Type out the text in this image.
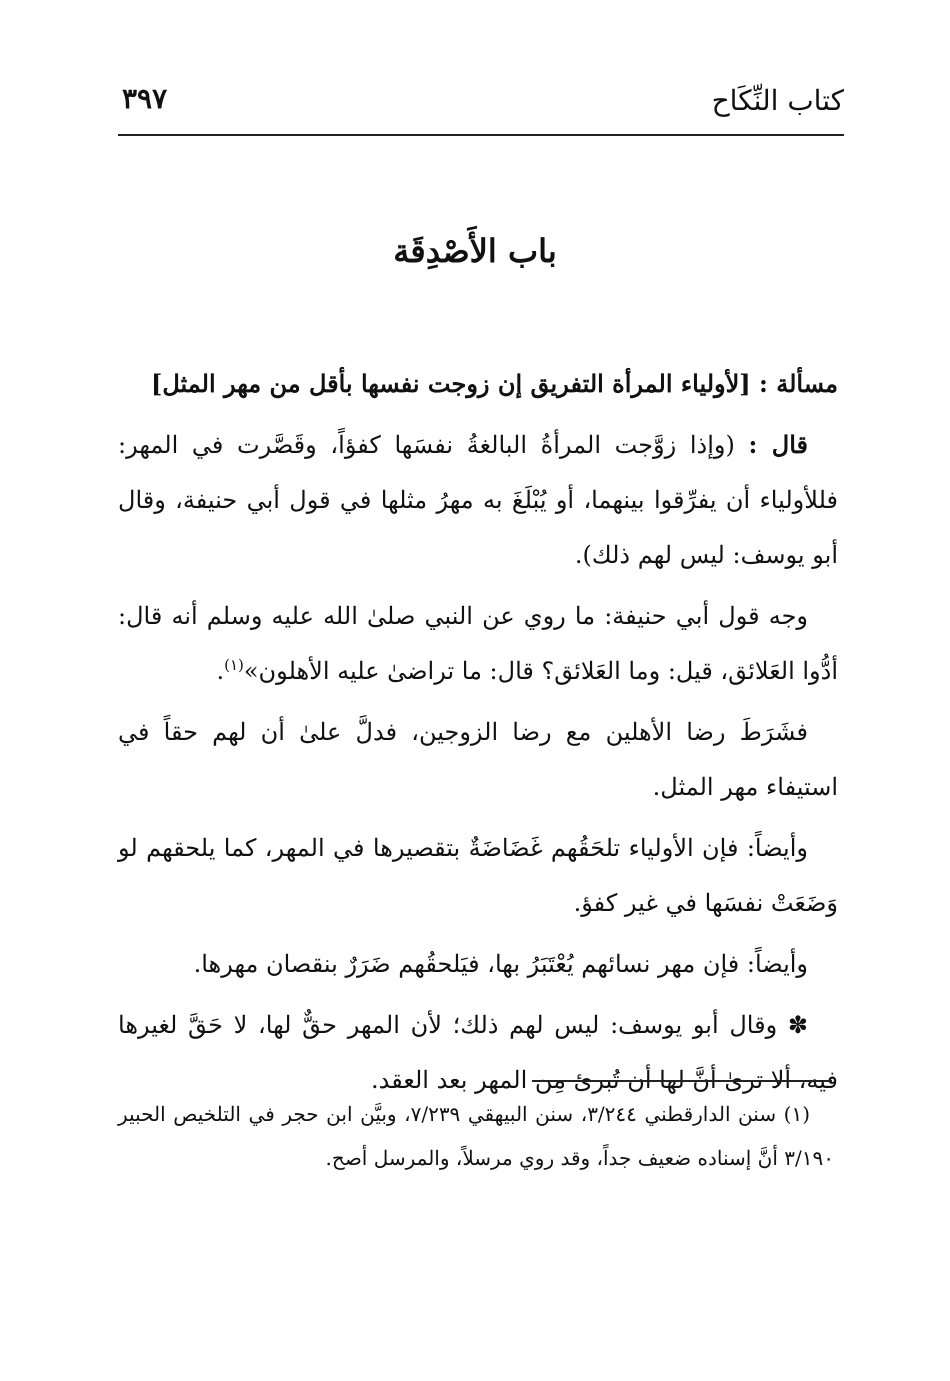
كتاب النِّكَاح
٣٩٧
باب الأَصْدِقَة

مسألة : [لأولياء المرأة التفريق إن زوجت نفسها بأقل من مهر المثل]

قال : (وإذا زوَّجت المرأةُ البالغةُ نفسَها كفؤاً، وقَصَّرت في المهر: فللأولياء أن يفرِّقوا بينهما، أو يُبْلَغَ به مهرُ مثلها في قول أبي حنيفة، وقال أبو يوسف: ليس لهم ذلك).

وجه قول أبي حنيفة: ما روي عن النبي صلىٰ الله عليه وسلم أنه قال: أدُّوا العَلائق، قيل: وما العَلائق؟ قال: ما تراضىٰ عليه الأهلون»$^{(١)}$.

فشَرَطَ رضا الأهلين مع رضا الزوجين، فدلَّ علىٰ أن لهم حقاً في استيفاء مهر المثل.

وأيضاً: فإن الأولياء تلحَقُهم غَضَاضَةٌ بتقصيرها في المهر، كما يلحقهم لو وَضَعَتْ نفسَها في غير كفؤ.

وأيضاً: فإن مهر نسائهم يُعْتَبَرُ بها، فيَلحقُهم ضَرَرٌ بنقصان مهرها.

✽ وقال أبو يوسف: ليس لهم ذلك؛ لأن المهر حقٌّ لها، لا حَقَّ لغيرها فيه، ألا ترىٰ أنَّ لها أن تُبرئ مِن المهر بعد العقد.

(١) سنن الدارقطني ٣/٢٤٤، سنن البيهقي ٧/٢٣٩، وبيَّن ابن حجر في التلخيص الحبير ٣/١٩٠ أنَّ إسناده ضعيف جداً، وقد روي مرسلاً، والمرسل أصح.
